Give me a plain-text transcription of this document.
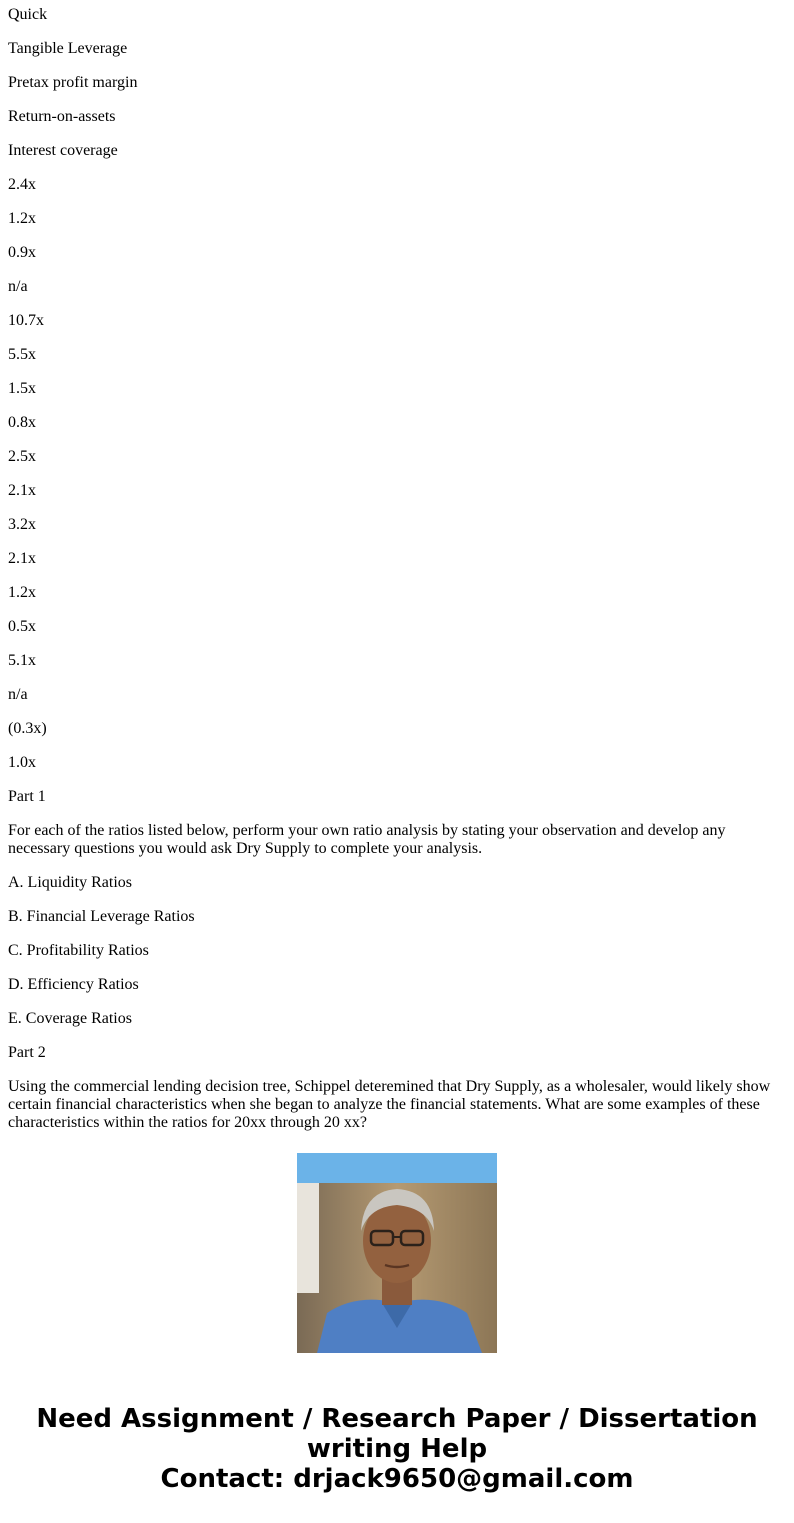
Quick

Tangible Leverage

Pretax profit margin

Return-on-assets

Interest coverage

2.4x

1.2x

0.9x

n/a

10.7x

5.5x

1.5x

0.8x

2.5x

2.1x

3.2x

2.1x

1.2x

0.5x

5.1x

n/a

(0.3x)

1.0x

Part 1

For each of the ratios listed below, perform your own ratio analysis by stating your observation and develop any necessary questions you would ask Dry Supply to complete your analysis.

A. Liquidity Ratios

B. Financial Leverage Ratios

C. Profitability Ratios

D. Efficiency Ratios

E. Coverage Ratios

Part 2

Using the commercial lending decision tree, Schippel deteremined that Dry Supply, as a wholesaler, would likely show certain financial characteristics when she began to analyze the financial statements. What are some examples of these characteristics within the ratios for 20xx through 20 xx?

Need Assignment / Research Paper / Dissertation writing Help
Contact: drjack9650@gmail.com
